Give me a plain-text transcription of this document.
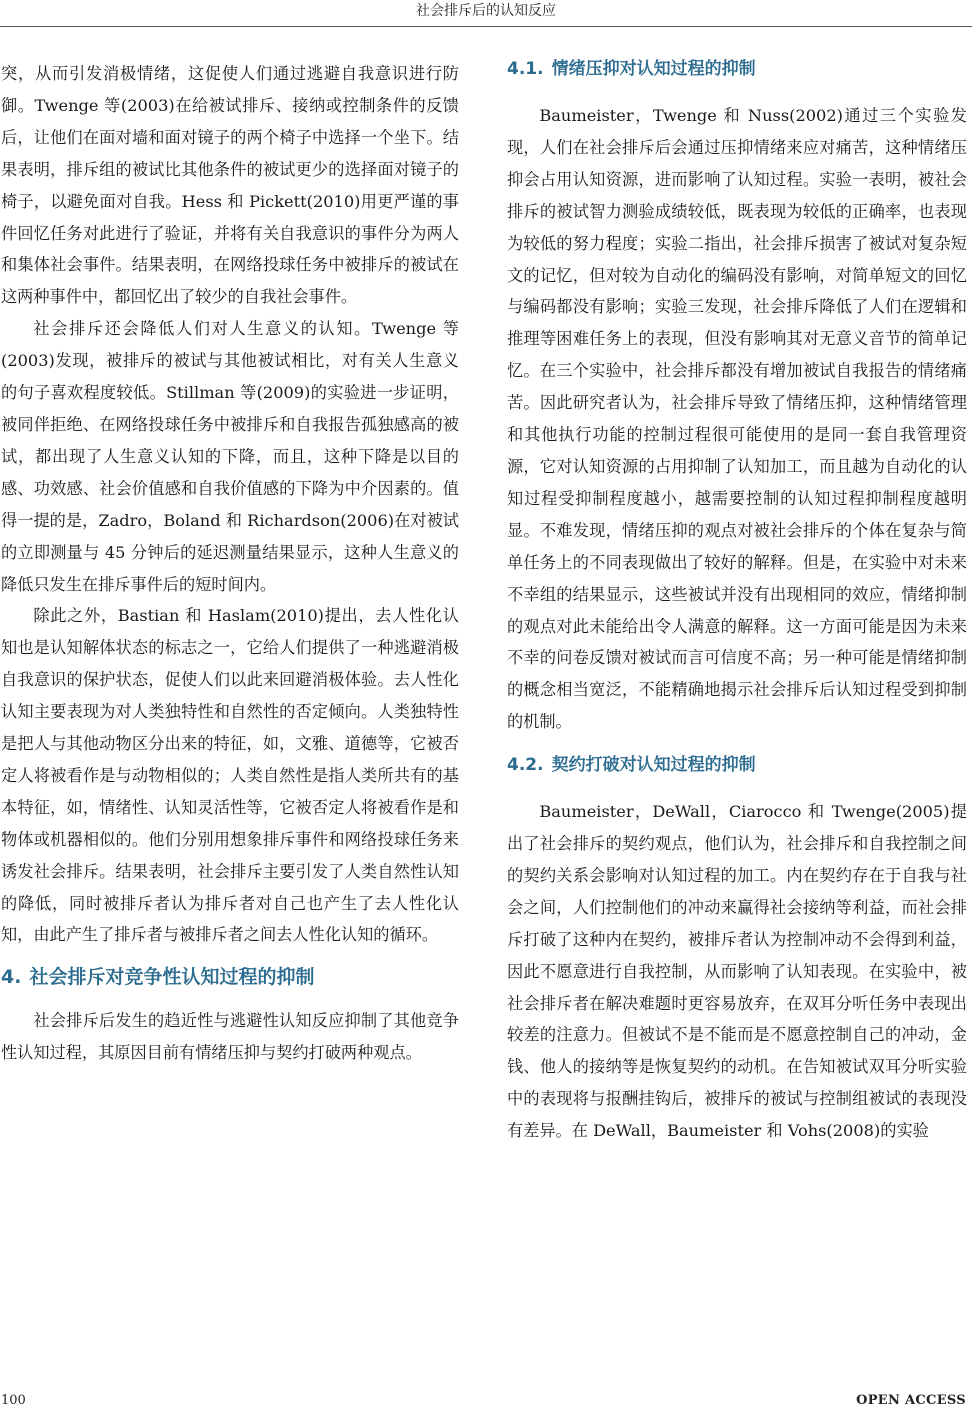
社会排斥后的认知反应

突，从而引发消极情绪，这促使人们通过逃避自我意识进行防御。Twenge 等(2003)在给被试排斥、接纳或控制条件的反馈后，让他们在面对墙和面对镜子的两个椅子中选择一个坐下。结果表明，排斥组的被试比其他条件的被试更少的选择面对镜子的椅子，以避免面对自我。Hess 和 Pickett(2010)用更严谨的事件回忆任务对此进行了验证，并将有关自我意识的事件分为两人和集体社会事件。结果表明，在网络投球任务中被排斥的被试在这两种事件中，都回忆出了较少的自我社会事件。

社会排斥还会降低人们对人生意义的认知。Twenge 等(2003)发现，被排斥的被试与其他被试相比，对有关人生意义的句子喜欢程度较低。Stillman 等(2009)的实验进一步证明，被同伴拒绝、在网络投球任务中被排斥和自我报告孤独感高的被试，都出现了人生意义认知的下降，而且，这种下降是以目的感、功效感、社会价值感和自我价值感的下降为中介因素的。值得一提的是，Zadro，Boland 和 Richardson(2006)在对被试的立即测量与 45 分钟后的延迟测量结果显示，这种人生意义的降低只发生在排斥事件后的短时间内。

除此之外，Bastian 和 Haslam(2010)提出，去人性化认知也是认知解体状态的标志之一，它给人们提供了一种逃避消极自我意识的保护状态，促使人们以此来回避消极体验。去人性化认知主要表现为对人类独特性和自然性的否定倾向。人类独特性是把人与其他动物区分出来的特征，如，文雅、道德等，它被否定人将被看作是与动物相似的；人类自然性是指人类所共有的基本特征，如，情绪性、认知灵活性等，它被否定人将被看作是和物体或机器相似的。他们分别用想象排斥事件和网络投球任务来诱发社会排斥。结果表明，社会排斥主要引发了人类自然性认知的降低，同时被排斥者认为排斥者对自己也产生了去人性化认知，由此产生了排斥者与被排斥者之间去人性化认知的循环。

4. 社会排斥对竞争性认知过程的抑制

社会排斥后发生的趋近性与逃避性认知反应抑制了其他竞争性认知过程，其原因目前有情绪压抑与契约打破两种观点。

4.1. 情绪压抑对认知过程的抑制

Baumeister，Twenge 和 Nuss(2002)通过三个实验发现，人们在社会排斥后会通过压抑情绪来应对痛苦，这种情绪压抑会占用认知资源，进而影响了认知过程。实验一表明，被社会排斥的被试智力测验成绩较低，既表现为较低的正确率，也表现为较低的努力程度；实验二指出，社会排斥损害了被试对复杂短文的记忆，但对较为自动化的编码没有影响，对简单短文的回忆与编码都没有影响；实验三发现，社会排斥降低了人们在逻辑和推理等困难任务上的表现，但没有影响其对无意义音节的简单记忆。在三个实验中，社会排斥都没有增加被试自我报告的情绪痛苦。因此研究者认为，社会排斥导致了情绪压抑，这种情绪管理和其他执行功能的控制过程很可能使用的是同一套自我管理资源，它对认知资源的占用抑制了认知加工，而且越为自动化的认知过程受抑制程度越小，越需要控制的认知过程抑制程度越明显。不难发现，情绪压抑的观点对被社会排斥的个体在复杂与简单任务上的不同表现做出了较好的解释。但是，在实验中对未来不幸组的结果显示，这些被试并没有出现相同的效应，情绪抑制的观点对此未能给出令人满意的解释。这一方面可能是因为未来不幸的问卷反馈对被试而言可信度不高；另一种可能是情绪抑制的概念相当宽泛，不能精确地揭示社会排斥后认知过程受到抑制的机制。

4.2. 契约打破对认知过程的抑制

Baumeister，DeWall，Ciarocco 和 Twenge(2005)提出了社会排斥的契约观点，他们认为，社会排斥和自我控制之间的契约关系会影响对认知过程的加工。内在契约存在于自我与社会之间，人们控制他们的冲动来赢得社会接纳等利益，而社会排斥打破了这种内在契约，被排斥者认为控制冲动不会得到利益，因此不愿意进行自我控制，从而影响了认知表现。在实验中，被社会排斥者在解决难题时更容易放弃，在双耳分听任务中表现出较差的注意力。但被试不是不能而是不愿意控制自己的冲动，金钱、他人的接纳等是恢复契约的动机。在告知被试双耳分听实验中的表现将与报酬挂钩后，被排斥的被试与控制组被试的表现没有差异。在 DeWall，Baumeister 和 Vohs(2008)的实验

100	OPEN ACCESS
